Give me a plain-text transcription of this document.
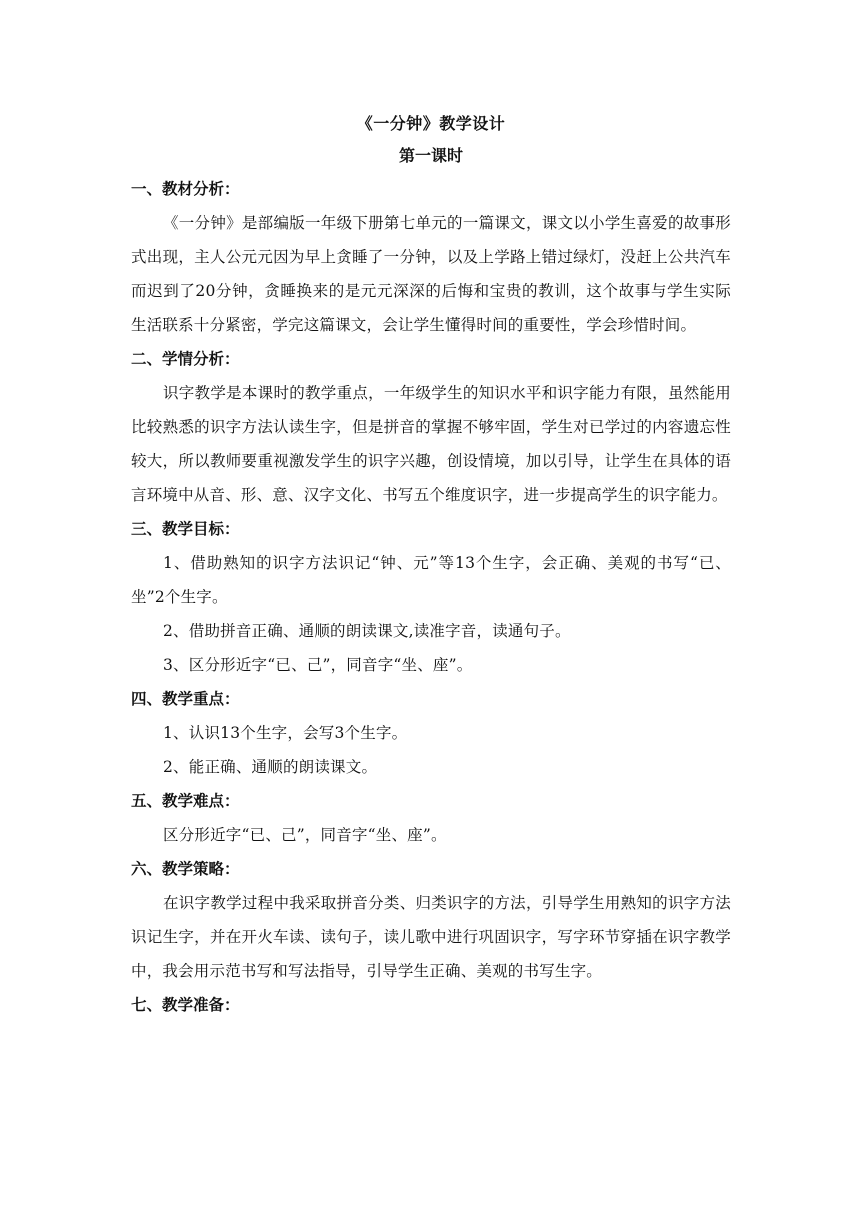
《一分钟》教学设计

第一课时

一、教材分析：

《一分钟》是部编版一年级下册第七单元的一篇课文，课文以小学生喜爱的故事形式出现，主人公元元因为早上贪睡了一分钟，以及上学路上错过绿灯，没赶上公共汽车而迟到了20分钟，贪睡换来的是元元深深的后悔和宝贵的教训，这个故事与学生实际生活联系十分紧密，学完这篇课文，会让学生懂得时间的重要性，学会珍惜时间。

二、学情分析：

识字教学是本课时的教学重点，一年级学生的知识水平和识字能力有限，虽然能用比较熟悉的识字方法认读生字，但是拼音的掌握不够牢固，学生对已学过的内容遗忘性较大，所以教师要重视激发学生的识字兴趣，创设情境，加以引导，让学生在具体的语言环境中从音、形、意、汉字文化、书写五个维度识字，进一步提高学生的识字能力。

三、教学目标：

1、借助熟知的识字方法识记“钟、元”等13个生字，会正确、美观的书写“已、坐”2个生字。

2、借助拼音正确、通顺的朗读课文,读准字音，读通句子。

3、区分形近字“已、己”，同音字“坐、座”。

四、教学重点：

1、认识13个生字，会写3个生字。

2、能正确、通顺的朗读课文。

五、教学难点：

区分形近字“已、己”，同音字“坐、座”。

六、教学策略：

在识字教学过程中我采取拼音分类、归类识字的方法，引导学生用熟知的识字方法识记生字，并在开火车读、读句子，读儿歌中进行巩固识字，写字环节穿插在识字教学中，我会用示范书写和写法指导，引导学生正确、美观的书写生字。

七、教学准备：
